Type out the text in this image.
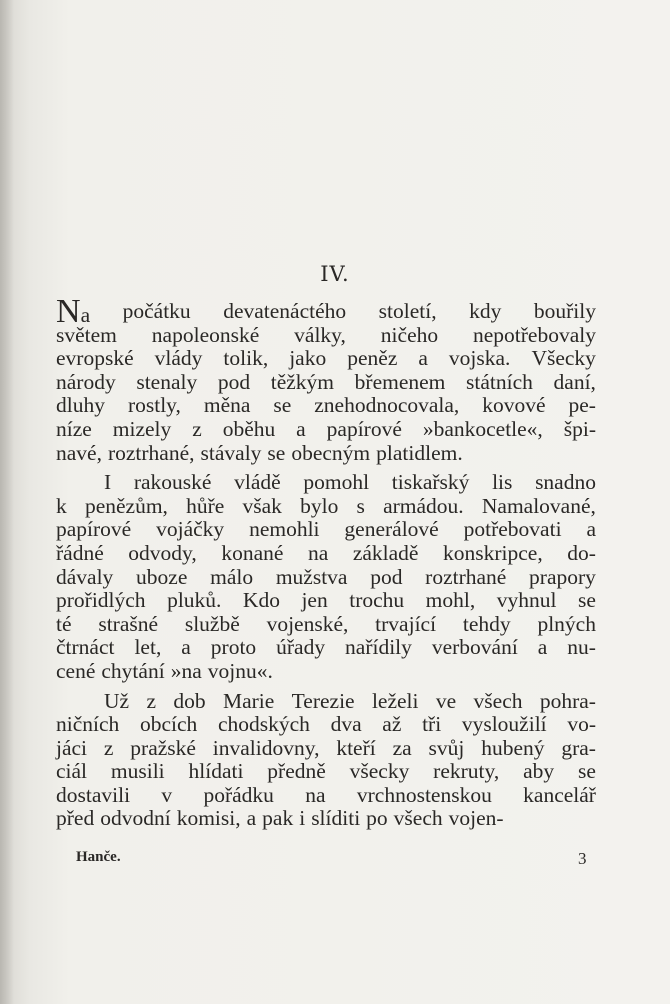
IV.
Na počátku devatenáctého století, kdy bouřily
světem napoleonské války, ničeho nepotřebovaly
evropské vlády tolik, jako peněz a vojska. Všecky
národy stenaly pod těžkým břemenem státních daní,
dluhy rostly, měna se znehodnocovala, kovové pe-
níze mizely z oběhu a papírové »bankocetle«, špi-
navé, roztrhané, stávaly se obecným platidlem.
I rakouské vládě pomohl tiskařský lis snadno
k penězům, hůře však bylo s armádou. Namalované,
papírové vojáčky nemohli generálové potřebovati a
řádné odvody, konané na základě konskripce, do-
dávaly uboze málo mužstva pod roztrhané prapory
prořidlých pluků. Kdo jen trochu mohl, vyhnul se
té strašné službě vojenské, trvající tehdy plných
čtrnáct let, a proto úřady nařídily verbování a nu-
cené chytání »na vojnu«.
Už z dob Marie Terezie leželi ve všech pohra-
ničních obcích chodských dva až tři vysloužilí vo-
jáci z pražské invalidovny, kteří za svůj hubený gra-
ciál musili hlídati předně všecky rekruty, aby se
dostavili v pořádku na vrchnostenskou kancelář
před odvodní komisi, a pak i slíditi po všech vojen-
Hanče.	3
